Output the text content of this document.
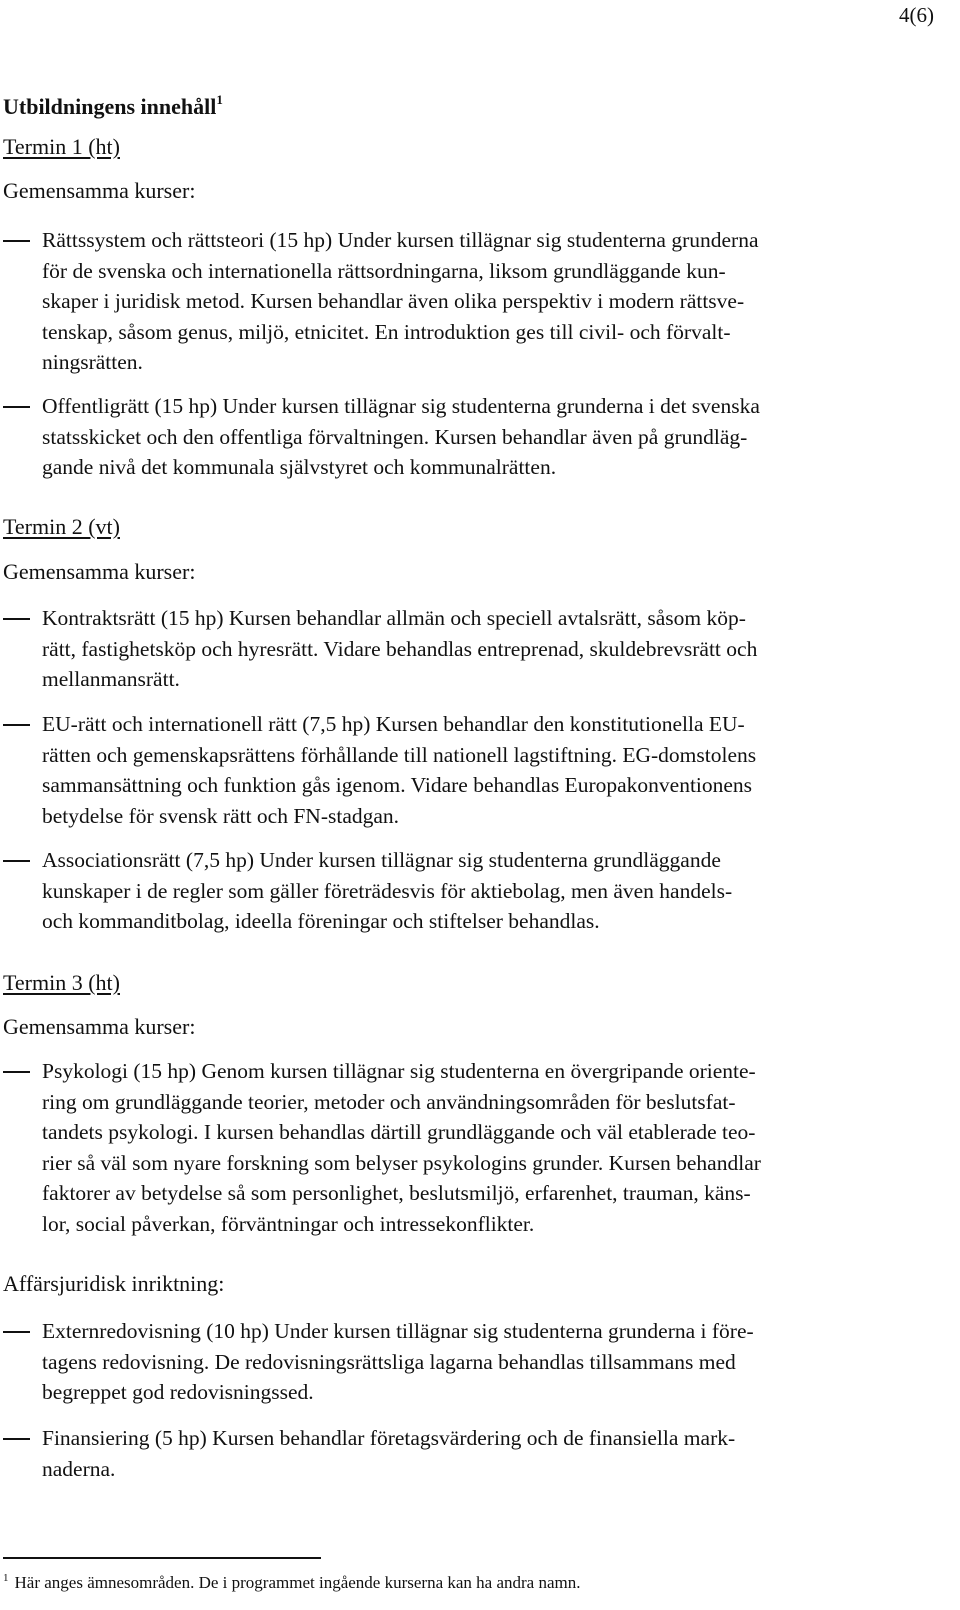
4(6)
Utbildningens innehåll$^1$
Termin 1 (ht)
Gemensamma kurser:
Rättssystem och rättsteori (15 hp) Under kursen tillägnar sig studenterna grunderna
för de svenska och internationella rättsordningarna, liksom grundläggande kun-
skaper i juridisk metod. Kursen behandlar även olika perspektiv i modern rättsve-
tenskap, såsom genus, miljö, etnicitet. En introduktion ges till civil- och förvalt-
ningsrätten.
Offentligrätt (15 hp) Under kursen tillägnar sig studenterna grunderna i det svenska
statsskicket och den offentliga förvaltningen. Kursen behandlar även på grundläg-
gande nivå det kommunala självstyret och kommunalrätten.
Termin 2 (vt)
Gemensamma kurser:
Kontraktsrätt (15 hp) Kursen behandlar allmän och speciell avtalsrätt, såsom köp-
rätt, fastighetsköp och hyresrätt. Vidare behandlas entreprenad, skuldebrevsrätt och
mellanmansrätt.
EU-rätt och internationell rätt (7,5 hp) Kursen behandlar den konstitutionella EU-
rätten och gemenskapsrättens förhållande till nationell lagstiftning. EG-domstolens
sammansättning och funktion gås igenom. Vidare behandlas Europakonventionens
betydelse för svensk rätt och FN-stadgan.
Associationsrätt (7,5 hp) Under kursen tillägnar sig studenterna grundläggande
kunskaper i de regler som gäller företrädesvis för aktiebolag, men även handels-
och kommanditbolag, ideella föreningar och stiftelser behandlas.
Termin 3 (ht)
Gemensamma kurser:
Psykologi (15 hp) Genom kursen tillägnar sig studenterna en övergripande oriente-
ring om grundläggande teorier, metoder och användningsområden för beslutsfat-
tandets psykologi. I kursen behandlas därtill grundläggande och väl etablerade teo-
rier så väl som nyare forskning som belyser psykologins grunder. Kursen behandlar
faktorer av betydelse så som personlighet, beslutsmiljö, erfarenhet, trauman, käns-
lor, social påverkan, förväntningar och intressekonflikter.
Affärsjuridisk inriktning:
Externredovisning (10 hp) Under kursen tillägnar sig studenterna grunderna i före-
tagens redovisning. De redovisningsrättsliga lagarna behandlas tillsammans med
begreppet god redovisningssed.
Finansiering (5 hp) Kursen behandlar företagsvärdering och de finansiella mark-
naderna.
$^1$ Här anges ämnesområden. De i programmet ingående kurserna kan ha andra namn.
